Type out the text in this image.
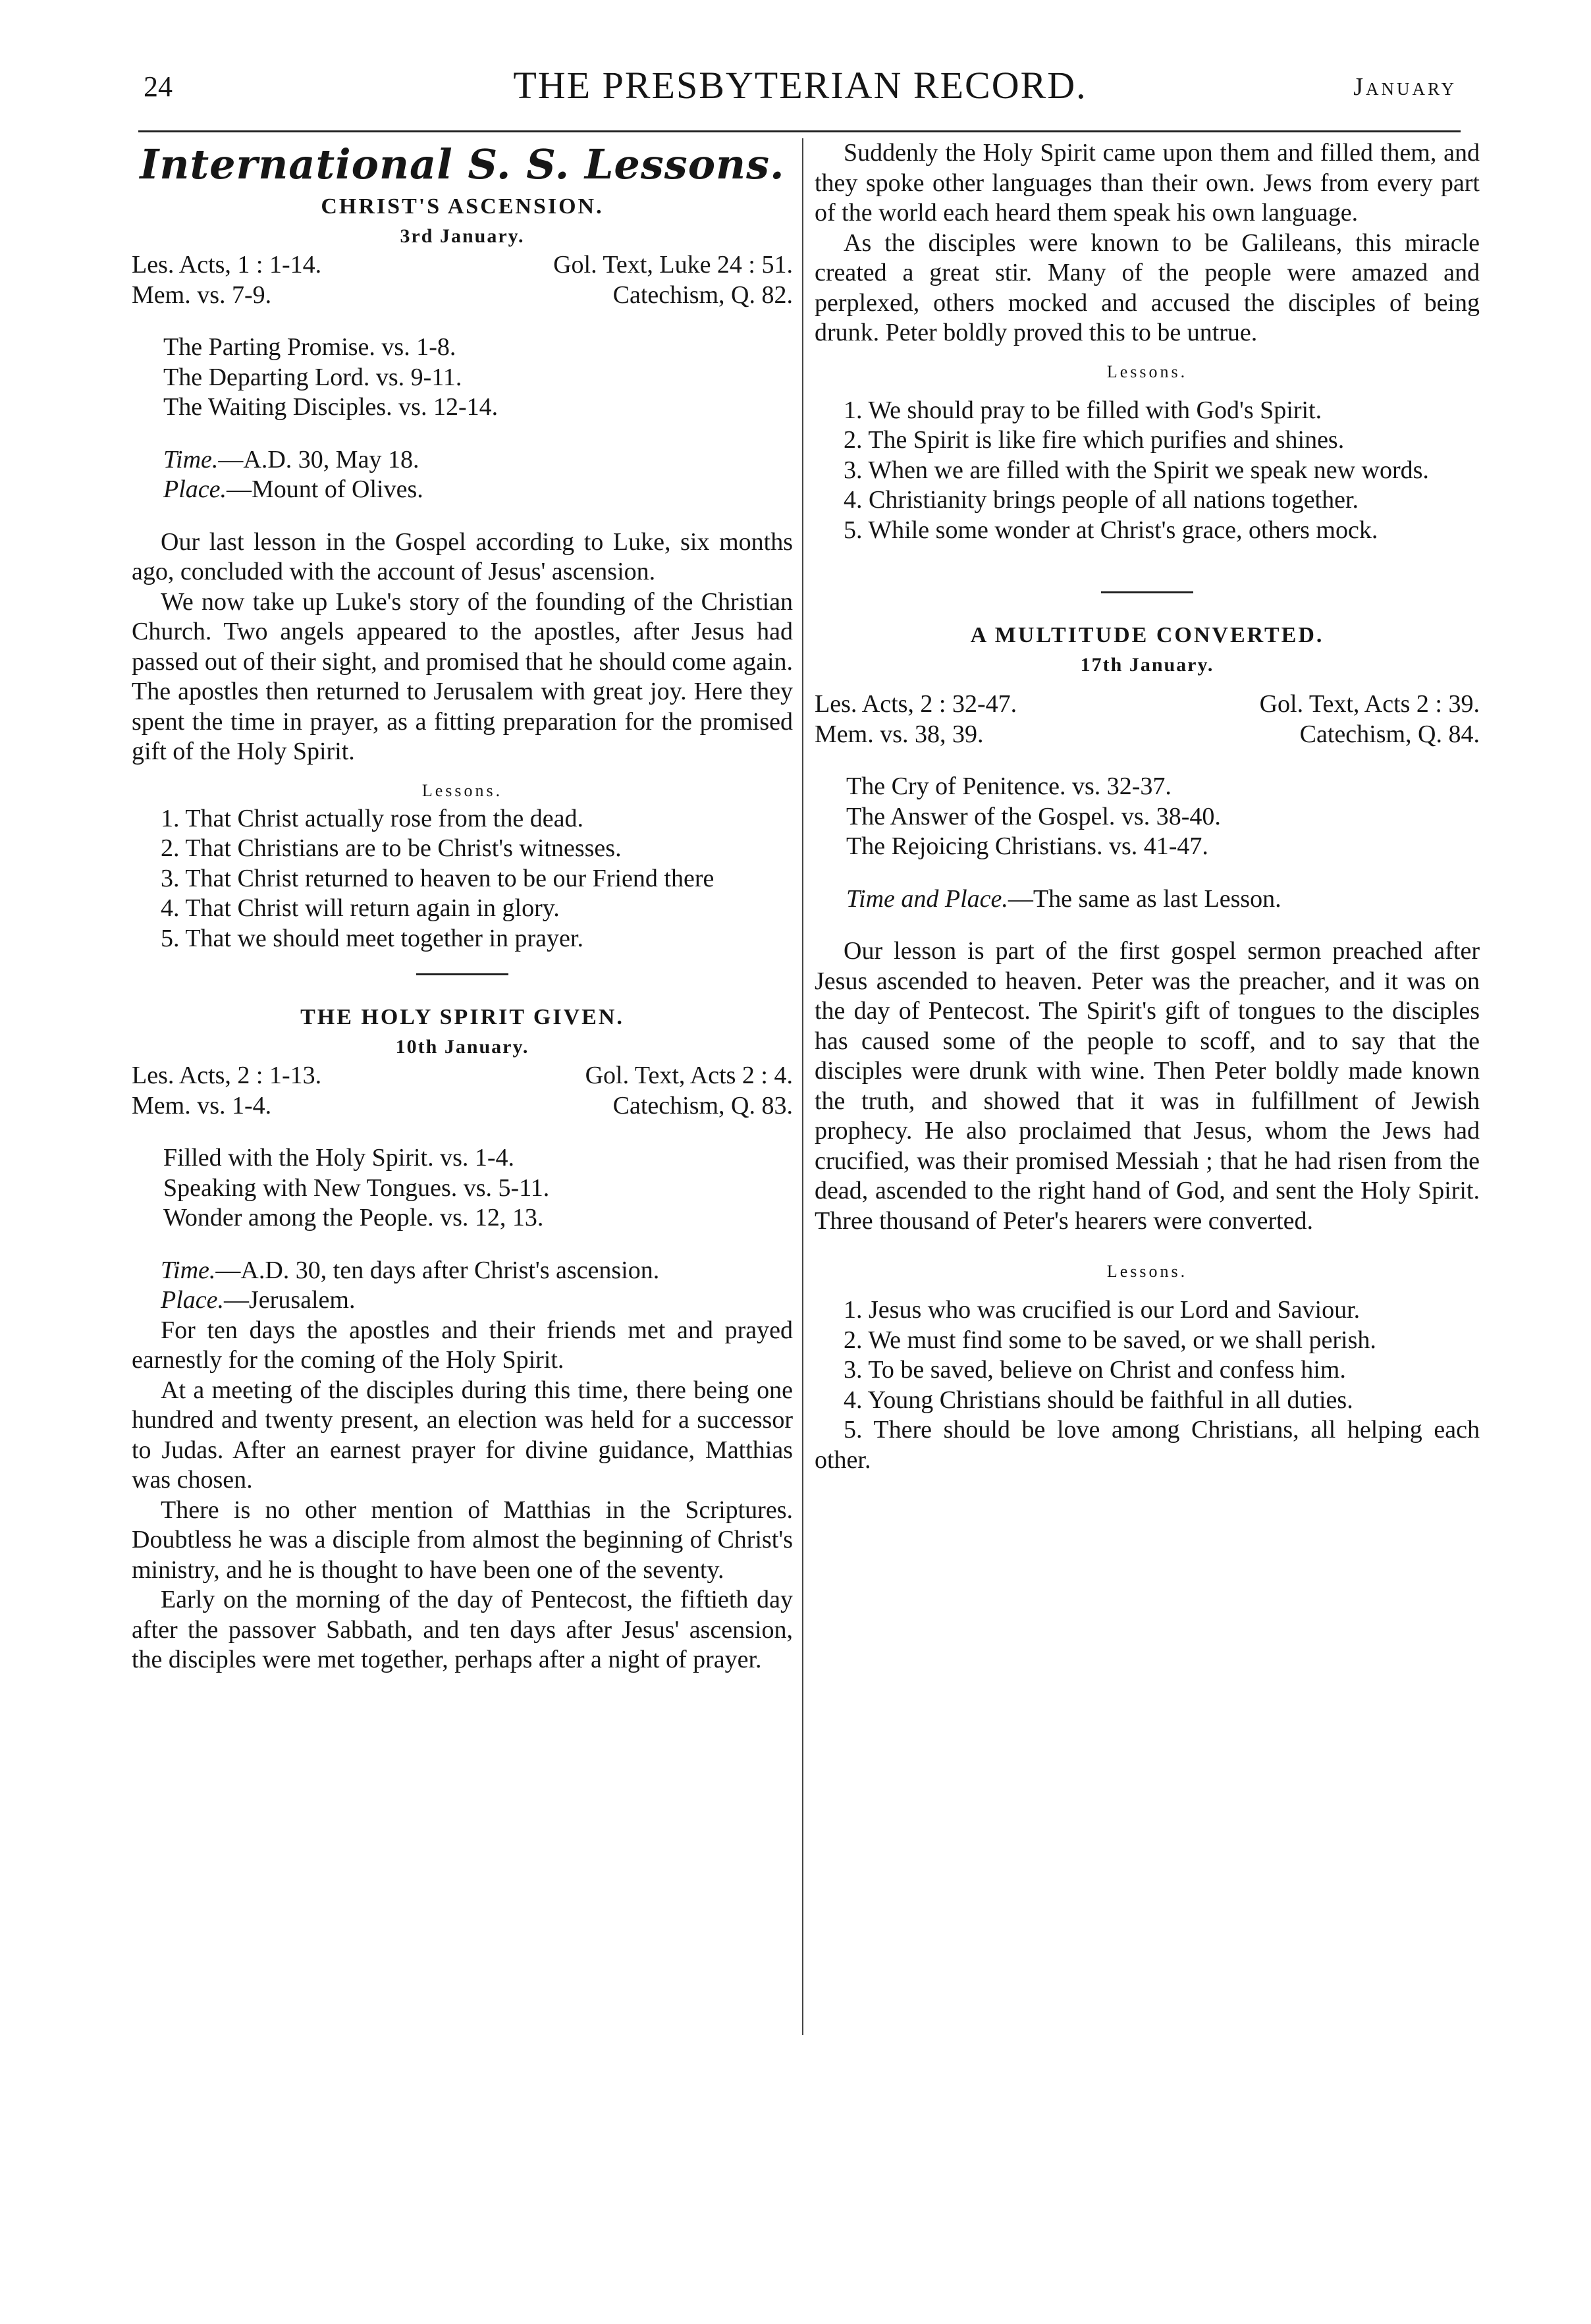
24	THE PRESBYTERIAN RECORD.	January

International S. S. Lessons.

CHRIST'S ASCENSION.

3rd January.

Les. Acts, 1 : 1-14.	Gol. Text, Luke 24 : 51.
Mem. vs. 7-9.	Catechism, Q. 82.

The Parting Promise. vs. 1-8.

The Departing Lord. vs. 9-11.

The Waiting Disciples. vs. 12-14.

Time.—A.D. 30, May 18.

Place.—Mount of Olives.

Our last lesson in the Gospel according to Luke, six months ago, concluded with the account of Jesus' ascension.

We now take up Luke's story of the founding of the Christian Church. Two angels appeared to the apostles, after Jesus had passed out of their sight, and promised that he should come again. The apostles then returned to Jerusalem with great joy. Here they spent the time in prayer, as a fitting preparation for the promised gift of the Holy Spirit.

Lessons.

1. That Christ actually rose from the dead.

2. That Christians are to be Christ's witnesses.

3. That Christ returned to heaven to be our Friend there

4. That Christ will return again in glory.

5. That we should meet together in prayer.

THE HOLY SPIRIT GIVEN.

10th January.

Les. Acts, 2 : 1-13.	Gol. Text, Acts 2 : 4.
Mem. vs. 1-4.	Catechism, Q. 83.

Filled with the Holy Spirit. vs. 1-4.

Speaking with New Tongues. vs. 5-11.

Wonder among the People. vs. 12, 13.

Time.—A.D. 30, ten days after Christ's ascension.

Place.—Jerusalem.

For ten days the apostles and their friends met and prayed earnestly for the coming of the Holy Spirit.

At a meeting of the disciples during this time, there being one hundred and twenty present, an election was held for a successor to Judas. After an earnest prayer for divine guidance, Matthias was chosen.

There is no other mention of Matthias in the Scriptures. Doubtless he was a disciple from almost the beginning of Christ's ministry, and he is thought to have been one of the seventy.

Early on the morning of the day of Pentecost, the fiftieth day after the passover Sabbath, and ten days after Jesus' ascension, the disciples were met together, perhaps after a night of prayer.

Suddenly the Holy Spirit came upon them and filled them, and they spoke other languages than their own. Jews from every part of the world each heard them speak his own language.

As the disciples were known to be Galileans, this miracle created a great stir. Many of the people were amazed and perplexed, others mocked and accused the disciples of being drunk. Peter boldly proved this to be untrue.

Lessons.

1. We should pray to be filled with God's Spirit.

2. The Spirit is like fire which purifies and shines.

3. When we are filled with the Spirit we speak new words.

4. Christianity brings people of all nations together.

5. While some wonder at Christ's grace, others mock.

A MULTITUDE CONVERTED.

17th January.

Les. Acts, 2 : 32-47.	Gol. Text, Acts 2 : 39.
Mem. vs. 38, 39.	Catechism, Q. 84.

The Cry of Penitence. vs. 32-37.

The Answer of the Gospel. vs. 38-40.

The Rejoicing Christians. vs. 41-47.

Time and Place.—The same as last Lesson.

Our lesson is part of the first gospel sermon preached after Jesus ascended to heaven. Peter was the preacher, and it was on the day of Pentecost. The Spirit's gift of tongues to the disciples has caused some of the people to scoff, and to say that the disciples were drunk with wine. Then Peter boldly made known the truth, and showed that it was in fulfillment of Jewish prophecy. He also proclaimed that Jesus, whom the Jews had crucified, was their promised Messiah ; that he had risen from the dead, ascended to the right hand of God, and sent the Holy Spirit. Three thousand of Peter's hearers were converted.

Lessons.

1. Jesus who was crucified is our Lord and Saviour.

2. We must find some to be saved, or we shall perish.

3. To be saved, believe on Christ and confess him.

4. Young Christians should be faithful in all duties.

5. There should be love among Christians, all helping each other.
